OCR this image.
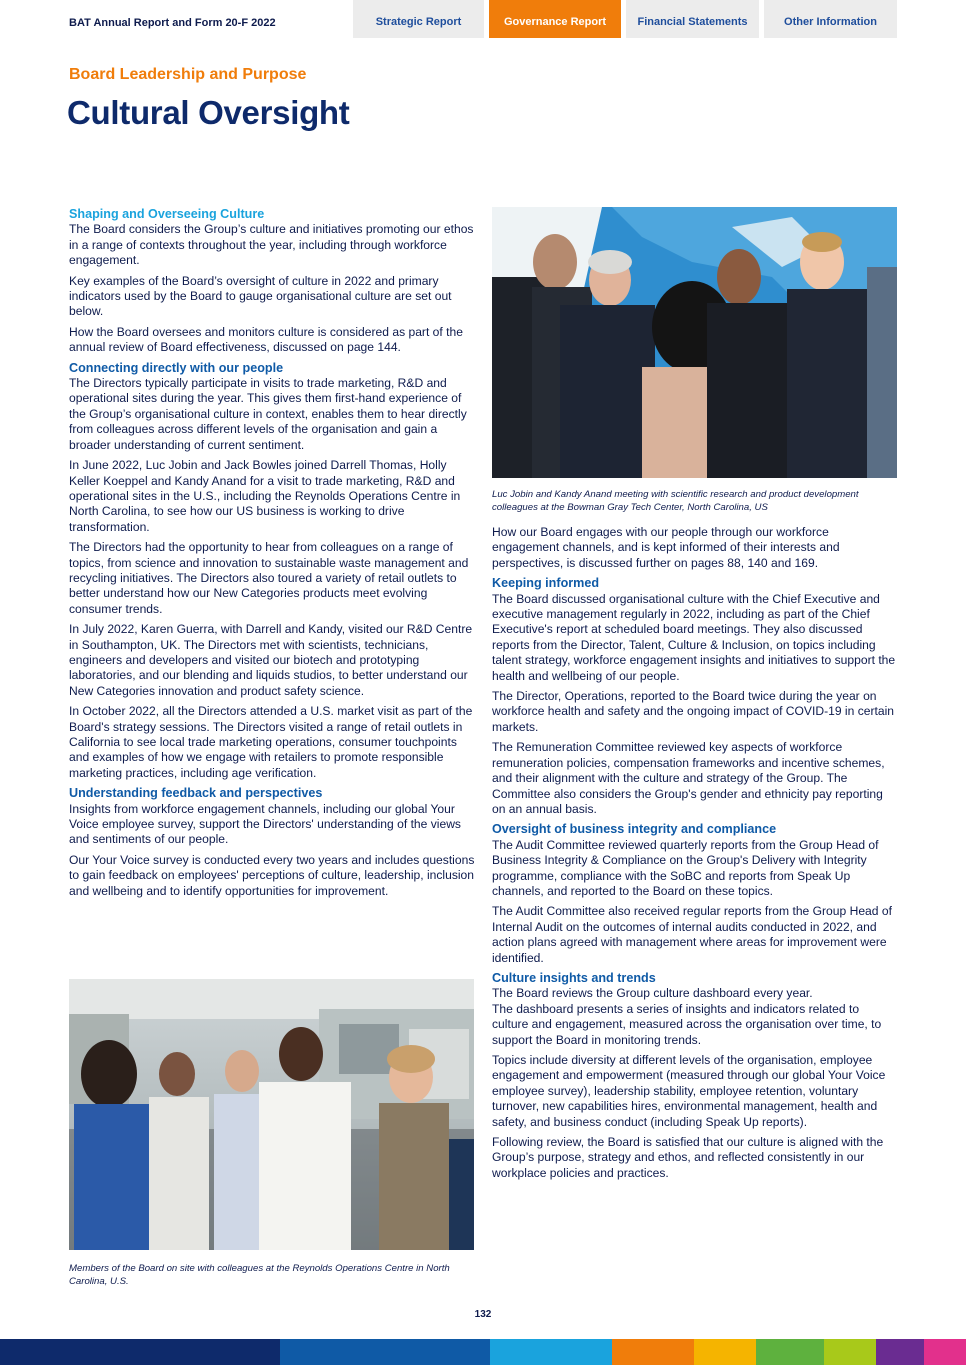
BAT Annual Report and Form 20-F 2022	Strategic Report	Governance Report	Financial Statements	Other Information
Board Leadership and Purpose
Cultural Oversight
Shaping and Overseeing Culture

The Board considers the Group’s culture and initiatives promoting our ethos in a range of contexts throughout the year, including through workforce engagement.

Key examples of the Board’s oversight of culture in 2022 and primary indicators used by the Board to gauge organisational culture are set out below.

How the Board oversees and monitors culture is considered as part of the annual review of Board effectiveness, discussed on page 144.

Connecting directly with our people

The Directors typically participate in visits to trade marketing, R&D and operational sites during the year. This gives them first-hand experience of the Group’s organisational culture in context, enables them to hear directly from colleagues across different levels of the organisation and gain a broader understanding of current sentiment.

In June 2022, Luc Jobin and Jack Bowles joined Darrell Thomas, Holly Keller Koeppel and Kandy Anand for a visit to trade marketing, R&D and operational sites in the U.S., including the Reynolds Operations Centre in North Carolina, to see how our US business is working to drive transformation.

The Directors had the opportunity to hear from colleagues on a range of topics, from science and innovation to sustainable waste management and recycling initiatives. The Directors also toured a variety of retail outlets to better understand how our New Categories products meet evolving consumer trends.

In July 2022, Karen Guerra, with Darrell and Kandy, visited our R&D Centre in Southampton, UK. The Directors met with scientists, technicians, engineers and developers and visited our biotech and prototyping laboratories, and our blending and liquids studios, to better understand our New Categories innovation and product safety science.

In October 2022, all the Directors attended a U.S. market visit as part of the Board's strategy sessions. The Directors visited a range of retail outlets in California to see local trade marketing operations, consumer touchpoints and examples of how we engage with retailers to promote responsible marketing practices, including age verification.

Understanding feedback and perspectives

Insights from workforce engagement channels, including our global Your Voice employee survey, support the Directors' understanding of the views and sentiments of our people.

Our Your Voice survey is conducted every two years and includes questions to gain feedback on employees' perceptions of culture, leadership, inclusion and wellbeing and to identify opportunities for improvement.

Members of the Board on site with colleagues at the Reynolds Operations Centre in North Carolina, U.S.
Luc Jobin and Kandy Anand meeting with scientific research and product development colleagues at the Bowman Gray Tech Center, North Carolina, US

How our Board engages with our people through our workforce engagement channels, and is kept informed of their interests and perspectives, is discussed further on pages 88, 140 and 169.

Keeping informed

The Board discussed organisational culture with the Chief Executive and executive management regularly in 2022, including as part of the Chief Executive's report at scheduled board meetings. They also discussed reports from the Director, Talent, Culture & Inclusion, on topics including talent strategy, workforce engagement insights and initiatives to support the health and wellbeing of our people.

The Director, Operations, reported to the Board twice during the year on workforce health and safety and the ongoing impact of COVID-19 in certain markets.

The Remuneration Committee reviewed key aspects of workforce remuneration policies, compensation frameworks and incentive schemes, and their alignment with the culture and strategy of the Group. The Committee also considers the Group's gender and ethnicity pay reporting on an annual basis.

Oversight of business integrity and compliance

The Audit Committee reviewed quarterly reports from the Group Head of Business Integrity & Compliance on the Group's Delivery with Integrity programme, compliance with the SoBC and reports from Speak Up channels, and reported to the Board on these topics.

The Audit Committee also received regular reports from the Group Head of Internal Audit on the outcomes of internal audits conducted in 2022, and action plans agreed with management where areas for improvement were identified.

Culture insights and trends

The Board reviews the Group culture dashboard every year.

The dashboard presents a series of insights and indicators related to culture and engagement, measured across the organisation over time, to support the Board in monitoring trends.

Topics include diversity at different levels of the organisation, employee engagement and empowerment (measured through our global Your Voice employee survey), leadership stability, employee retention, voluntary turnover, new capabilities hires, environmental management, health and safety, and business conduct (including Speak Up reports).

Following review, the Board is satisfied that our culture is aligned with the Group’s purpose, strategy and ethos, and reflected consistently in our workplace policies and practices.

132
